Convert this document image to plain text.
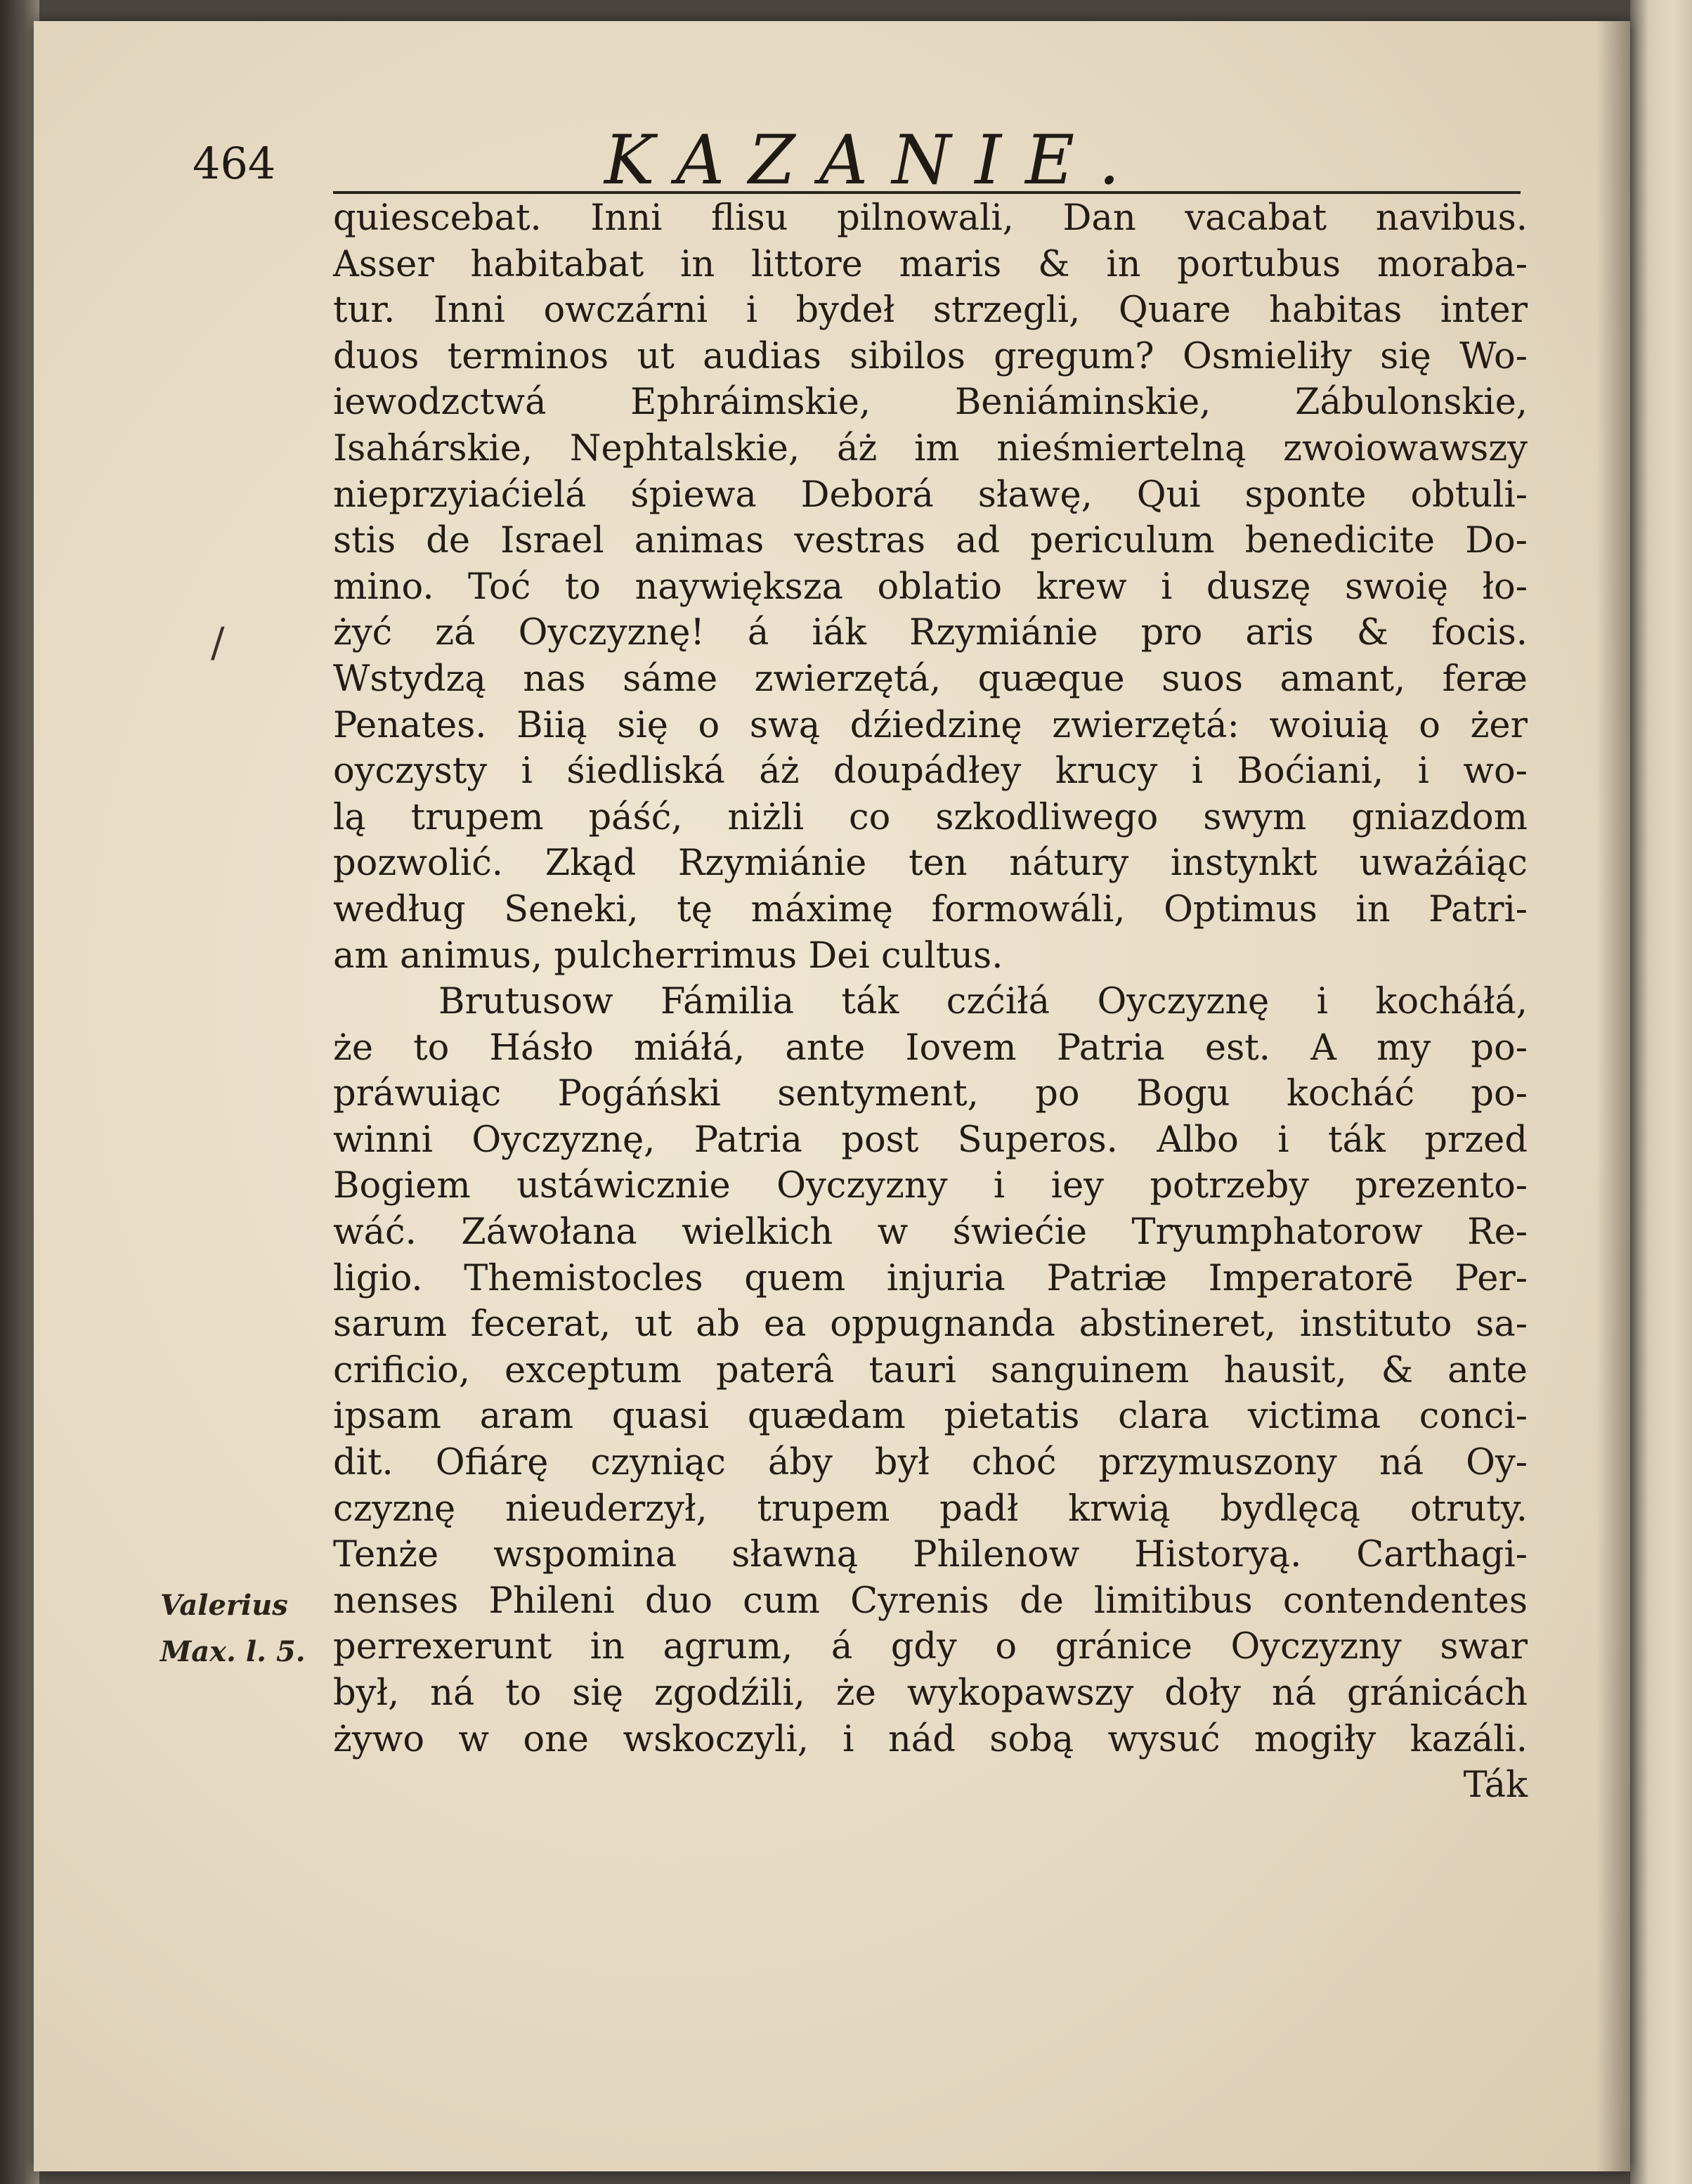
464	KAZANIE.
/
Valerius
Max. l. 5.
quiescebat. Inni flisu pilnowali, Dan vacabat navibus.
Asser habitabat in littore maris & in portubus moraba-
tur. Inni owczárni i bydeł strzegli, Quare habitas inter
duos terminos ut audias sibilos gregum? Osmieliły się Wo-
iewodzctwá Ephráimskie, Beniáminskie, Zábulonskie,
Isahárskie, Nephtalskie, áż im nieśmiertelną zwoiowawszy
nieprzyiaćielá śpiewa Deborá sławę, Qui sponte obtuli-
stis de Israel animas vestras ad periculum benedicite Do-
mino. Toć to naywiększa oblatio krew i duszę swoię ło-
żyć zá Oyczyznę! á iák Rzymiánie pro aris & focis.
Wstydzą nas sáme zwierzętá, quæque suos amant, feræ
Penates. Biią się o swą dźiedzinę zwierzętá: woiuią o żer
oyczysty i śiedliská áż doupádłey krucy i Boćiani, i wo-
lą trupem páść, niżli co szkodliwego swym gniazdom
pozwolić. Zkąd Rzymiánie ten nátury instynkt uważáiąc
według Seneki, tę máximę formowáli, Optimus in Patri-
am animus, pulcherrimus Dei cultus.
Brutusow Fámilia ták czćiłá Oyczyznę i kocháłá,
że to Hásło miáłá, ante Iovem Patria est. A my po-
práwuiąc Pogáński sentyment, po Bogu kocháć po-
winni Oyczyznę, Patria post Superos. Albo i ták przed
Bogiem ustáwicznie Oyczyzny i iey potrzeby prezento-
wáć. Záwołana wielkich w świećie Tryumphatorow Re-
ligio. Themistocles quem injuria Patriæ Imperatorē Per-
sarum fecerat, ut ab ea oppugnanda abstineret, instituto sa-
crificio, exceptum paterâ tauri sanguinem hausit, & ante
ipsam aram quasi quædam pietatis clara victima conci-
dit. Ofiárę czyniąc áby był choć przymuszony ná Oy-
czyznę nieuderzył, trupem padł krwią bydlęcą otruty.
Tenże wspomina sławną Philenow Historyą. Carthagi-
nenses Phileni duo cum Cyrenis de limitibus contendentes
perrexerunt in agrum, á gdy o gránice Oyczyzny swar
był, ná to się zgodźili, że wykopawszy doły ná gránicách
żywo w one wskoczyli, i nád sobą wysuć mogiły kazáli.
Ták
